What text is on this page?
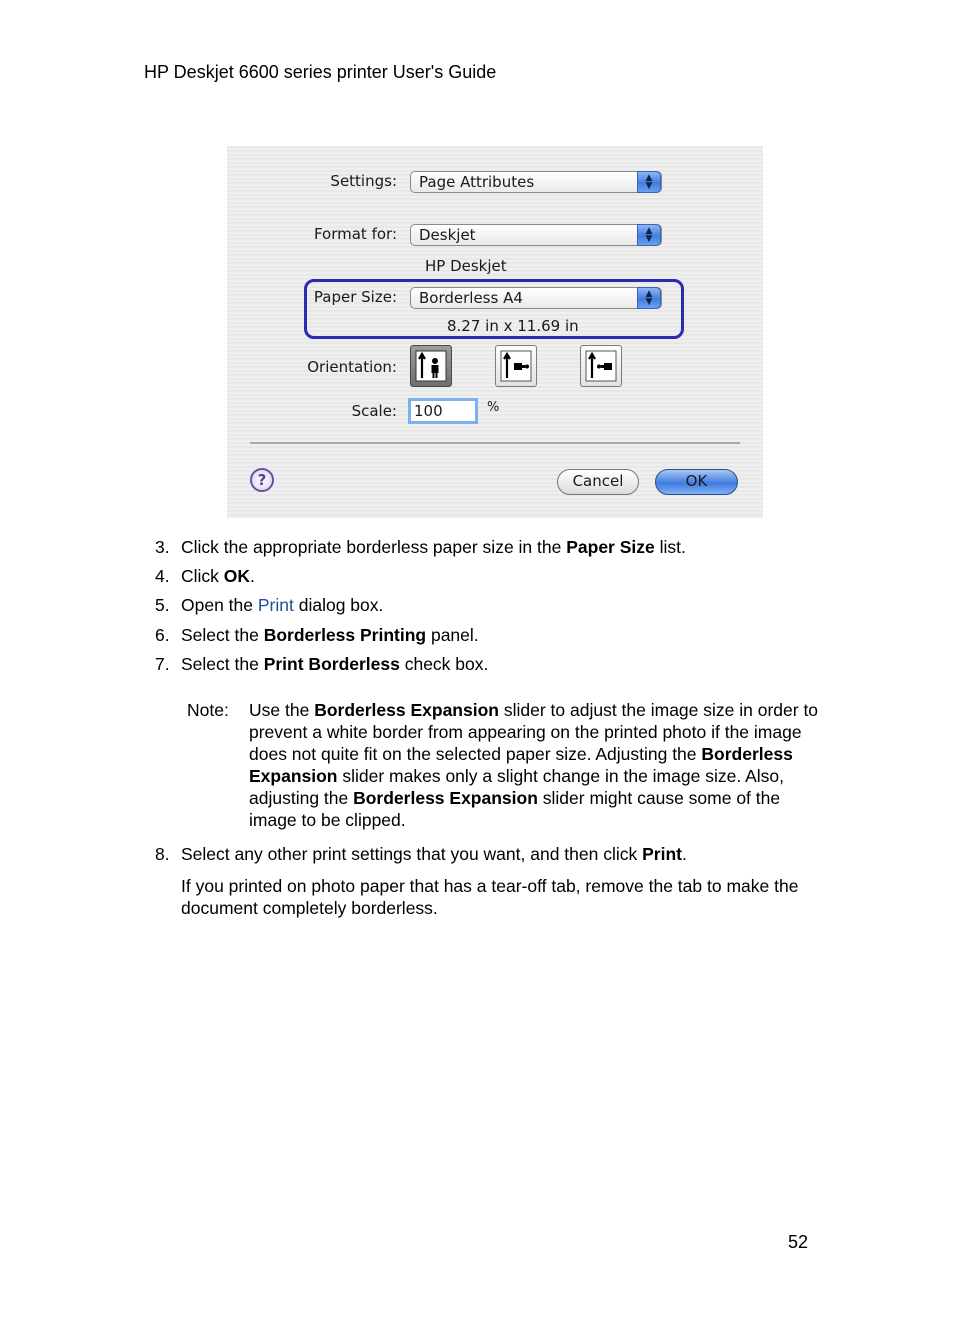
HP Deskjet 6600 series printer User's Guide
Settings:	Page Attributes	▲
▼
Format for:	Deskjet	▲
▼
HP Deskjet
Paper Size:	Borderless A4	▲
▼
8.27 in x 11.69 in
Orientation:
Scale:	100	%
?	Cancel	OK
3. Click the appropriate borderless paper size in the Paper Size list.
4. Click OK.
5. Open the Print dialog box.
6. Select the Borderless Printing panel.
7. Select the Print Borderless check box.
Note: Use the Borderless Expansion slider to adjust the image size in order to prevent a white border from appearing on the printed photo if the image does not quite fit on the selected paper size. Adjusting the Borderless Expansion slider makes only a slight change in the image size. Also, adjusting the Borderless Expansion slider might cause some of the image to be clipped.
8. Select any other print settings that you want, and then click Print.
If you printed on photo paper that has a tear-off tab, remove the tab to make the document completely borderless.
52
